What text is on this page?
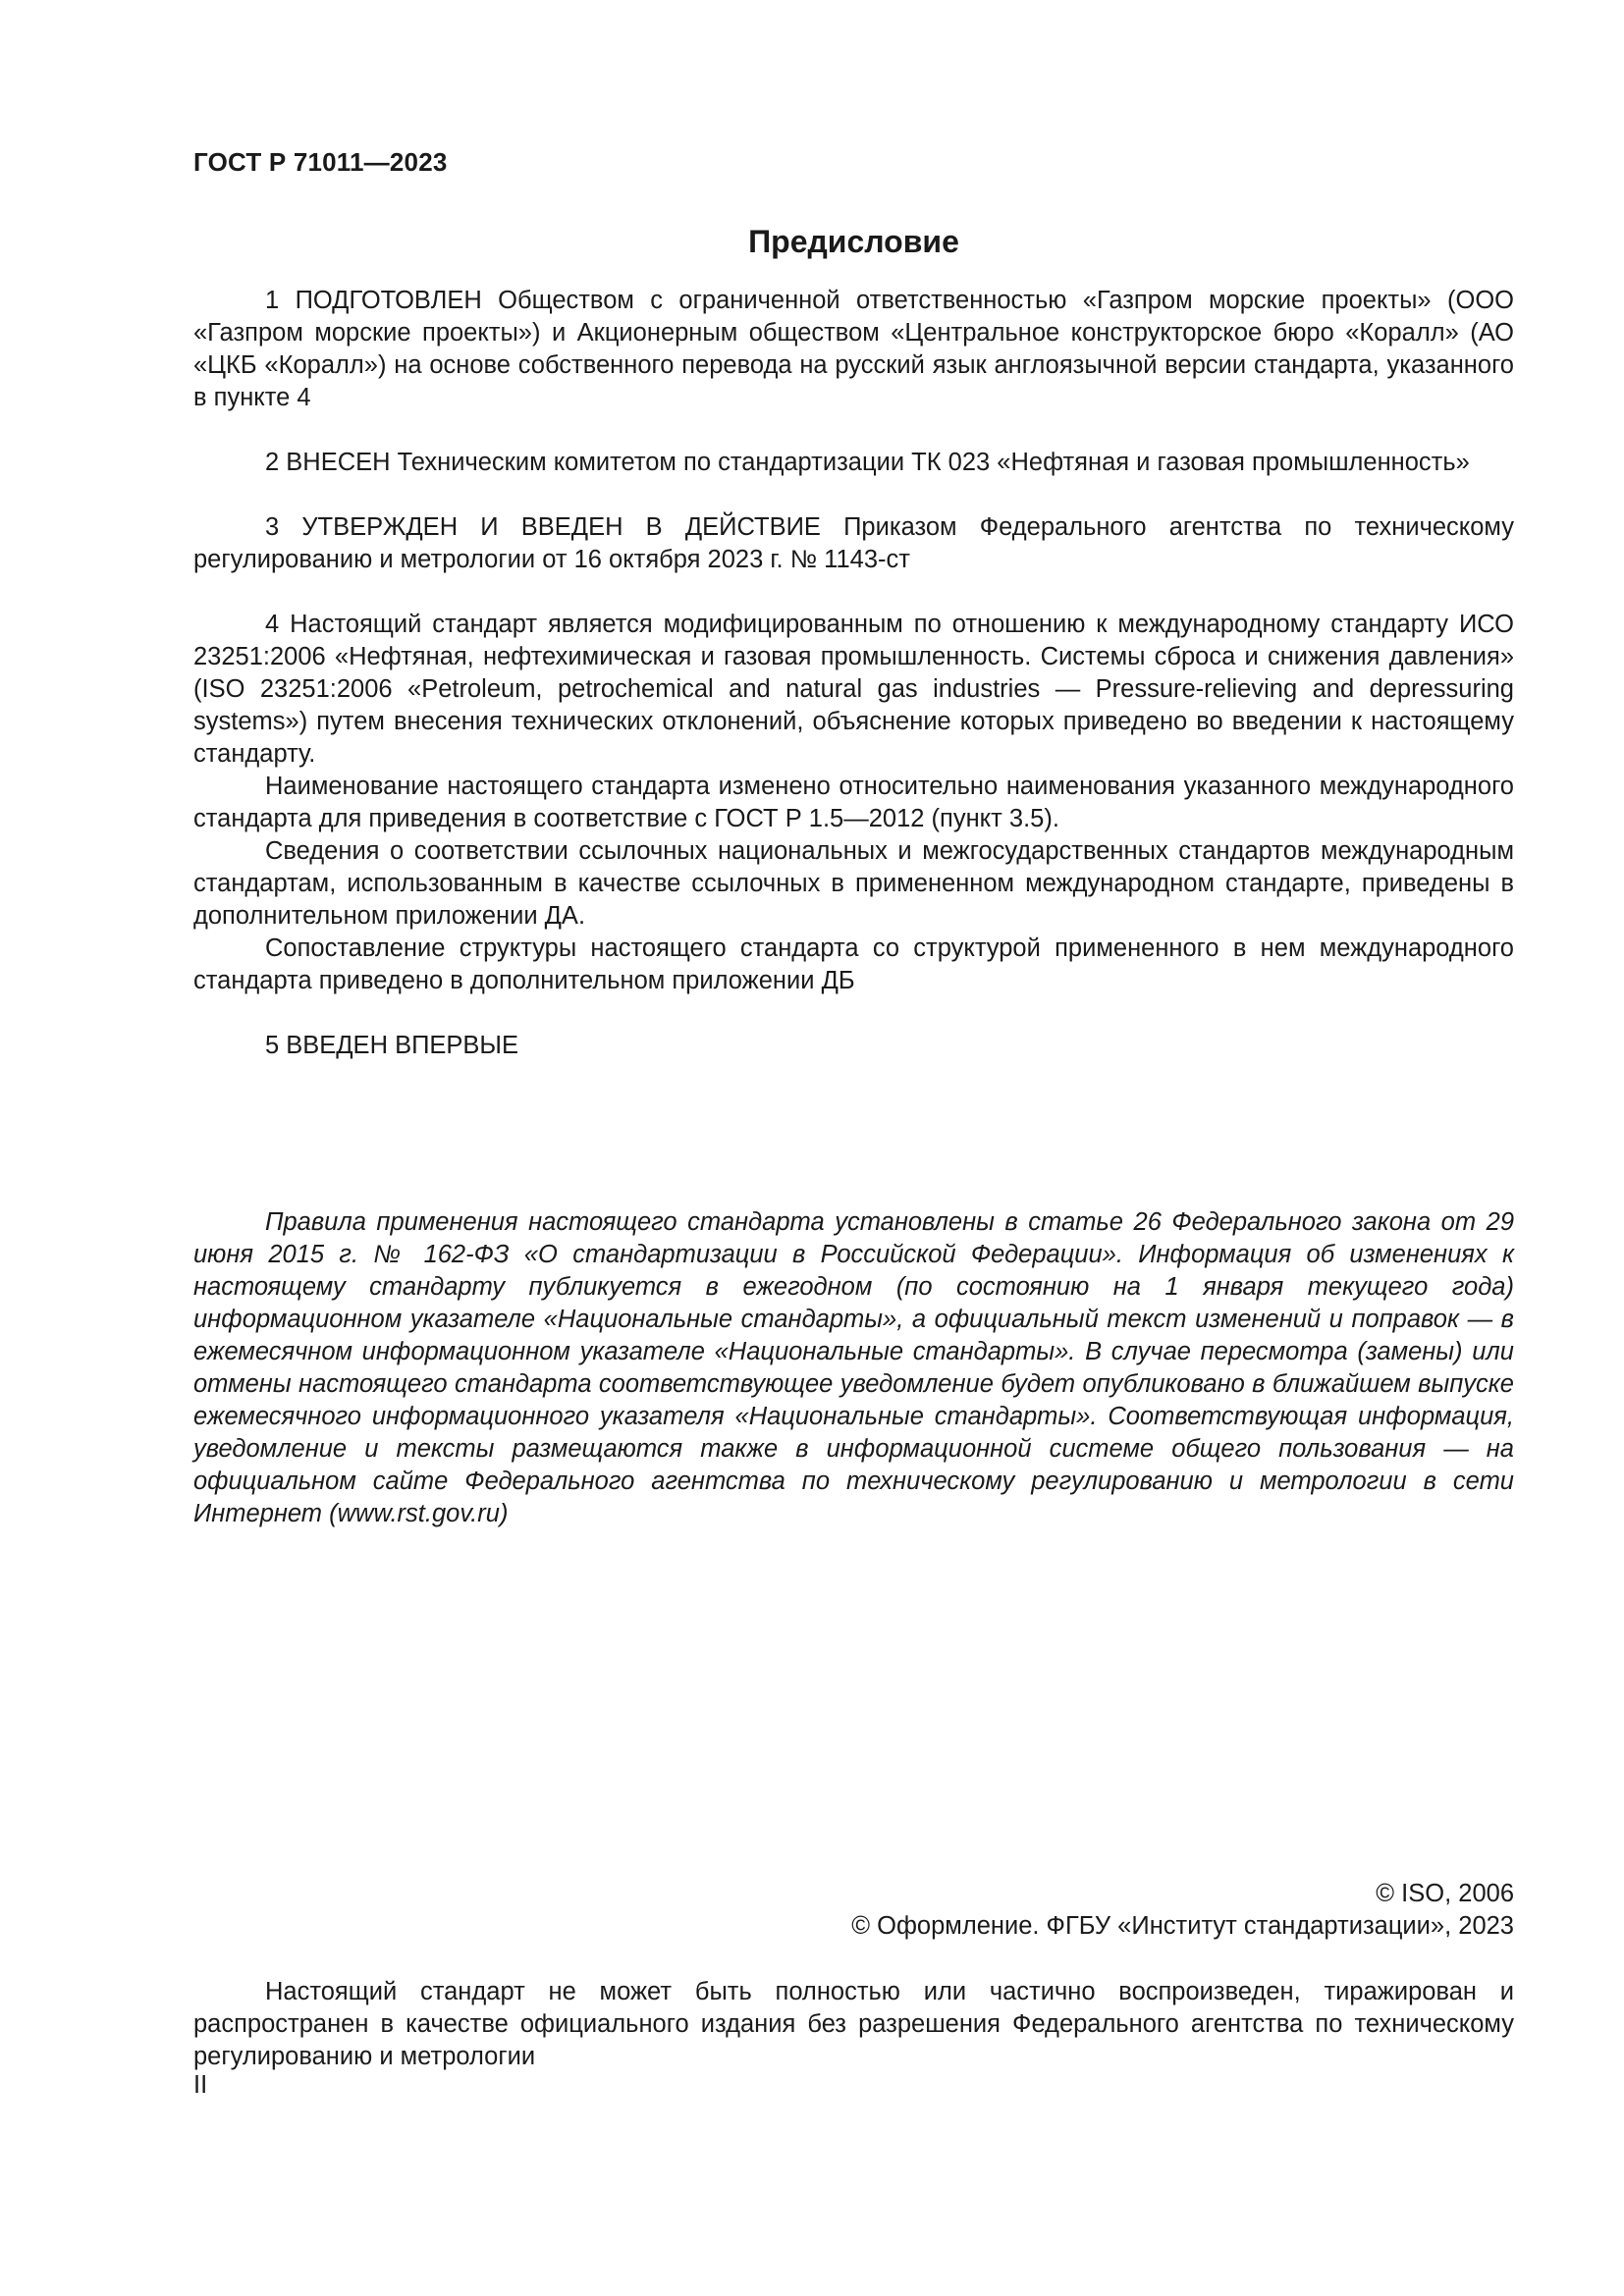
ГОСТ Р 71011—2023
Предисловие

1 ПОДГОТОВЛЕН Обществом с ограниченной ответственностью «Газпром морские проекты» (ООО «Газпром морские проекты») и Акционерным обществом «Центральное конструкторское бюро «Коралл» (АО «ЦКБ «Коралл») на основе собственного перевода на русский язык англоязычной версии стандарта, указанного в пункте 4

2 ВНЕСЕН Техническим комитетом по стандартизации ТК 023 «Нефтяная и газовая промышленность»

3 УТВЕРЖДЕН И ВВЕДЕН В ДЕЙСТВИЕ Приказом Федерального агентства по техническому регулированию и метрологии от 16 октября 2023 г. № 1143-ст

4 Настоящий стандарт является модифицированным по отношению к международному стандарту ИСО 23251:2006 «Нефтяная, нефтехимическая и газовая промышленность. Системы сброса и снижения давления» (ISO 23251:2006 «Petroleum, petrochemical and natural gas industries — Pressure-relieving and depressuring systems») путем внесения технических отклонений, объяснение которых приведено во введении к настоящему стандарту.

Наименование настоящего стандарта изменено относительно наименования указанного международного стандарта для приведения в соответствие с ГОСТ Р 1.5—2012 (пункт 3.5).

Сведения о соответствии ссылочных национальных и межгосударственных стандартов международным стандартам, использованным в качестве ссылочных в примененном международном стандарте, приведены в дополнительном приложении ДА.

Сопоставление структуры настоящего стандарта со структурой примененного в нем международного стандарта приведено в дополнительном приложении ДБ

5 ВВЕДЕН ВПЕРВЫЕ

Правила применения настоящего стандарта установлены в статье 26 Федерального закона от 29 июня 2015 г. № 162-ФЗ «О стандартизации в Российской Федерации». Информация об изменениях к настоящему стандарту публикуется в ежегодном (по состоянию на 1 января текущего года) информационном указателе «Национальные стандарты», а официальный текст изменений и поправок — в ежемесячном информационном указателе «Национальные стандарты». В случае пересмотра (замены) или отмены настоящего стандарта соответствующее уведомление будет опубликовано в ближайшем выпуске ежемесячного информационного указателя «Национальные стандарты». Соответствующая информация, уведомление и тексты размещаются также в информационной системе общего пользования — на официальном сайте Федерального агентства по техническому регулированию и метрологии в сети Интернет (www.rst.gov.ru)

© ISO, 2006
© Оформление. ФГБУ «Институт стандартизации», 2023

Настоящий стандарт не может быть полностью или частично воспроизведен, тиражирован и распространен в качестве официального издания без разрешения Федерального агентства по техническому регулированию и метрологии

II
